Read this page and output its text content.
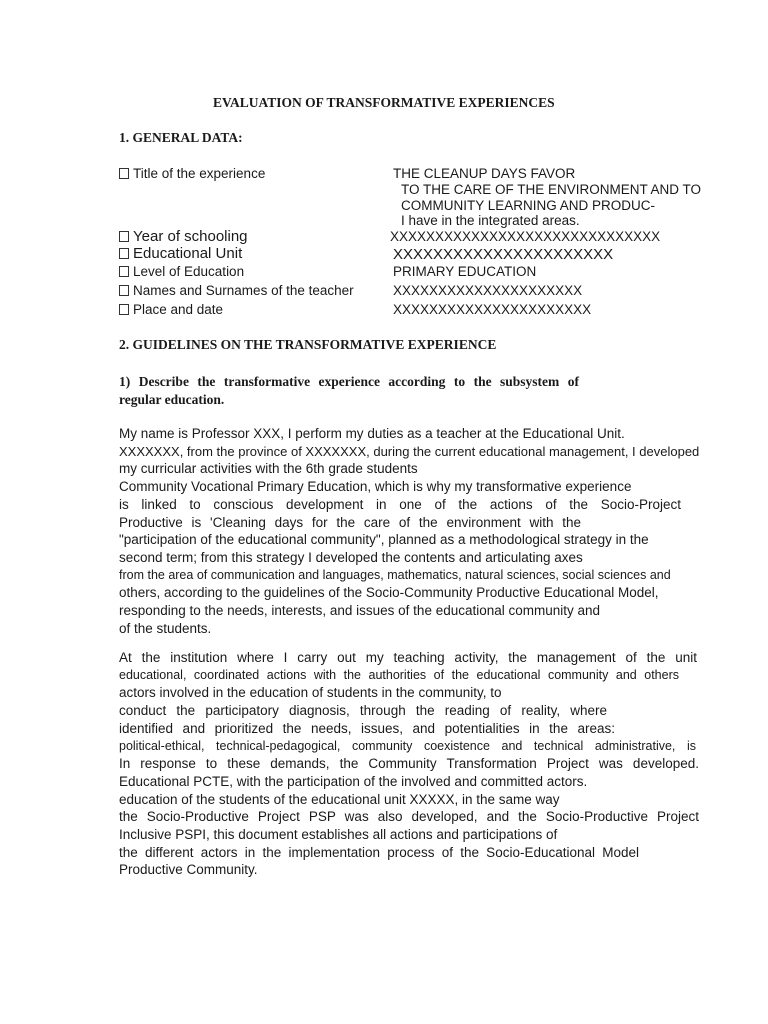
EVALUATION OF TRANSFORMATIVE EXPERIENCES
1. GENERAL DATA:
Title of the experience	THE CLEANUP DAYS FAVOR
TO THE CARE OF THE ENVIRONMENT AND TO
COMMUNITY LEARNING AND PRODUC-
I have in the integrated areas.
Year of schooling	XXXXXXXXXXXXXXXXXXXXXXXXXXXXXX
Educational Unit	XXXXXXXXXXXXXXXXXXXXXX
Level of Education	PRIMARY EDUCATION
Names and Surnames of the teacher	XXXXXXXXXXXXXXXXXXXXX
Place and date	XXXXXXXXXXXXXXXXXXXXXX
2. GUIDELINES ON THE TRANSFORMATIVE EXPERIENCE
1) Describe the transformative experience according to the subsystem of regular education.
My name is Professor XXX, I perform my duties as a teacher at the Educational Unit.
XXXXXXX, from the province of XXXXXXX, during the current educational management, I developed
my curricular activities with the 6th grade students
Community Vocational Primary Education, which is why my transformative experience
is linked to conscious development in one of the actions of the Socio-Project
Productive is 'Cleaning days for the care of the environment with the
"participation of the educational community", planned as a methodological strategy in the
second term; from this strategy I developed the contents and articulating axes
from the area of communication and languages, mathematics, natural sciences, social sciences and
others, according to the guidelines of the Socio-Community Productive Educational Model,
responding to the needs, interests, and issues of the educational community and
of the students.
At the institution where I carry out my teaching activity, the management of the unit
educational, coordinated actions with the authorities of the educational community and others
actors involved in the education of students in the community, to
conduct the participatory diagnosis, through the reading of reality, where
identified and prioritized the needs, issues, and potentialities in the areas:
political-ethical, technical-pedagogical, community coexistence and technical administrative, is
In response to these demands, the Community Transformation Project was developed.
Educational PCTE, with the participation of the involved and committed actors.
education of the students of the educational unit XXXXX, in the same way
the Socio-Productive Project PSP was also developed, and the Socio-Productive Project
Inclusive PSPI, this document establishes all actions and participations of
the different actors in the implementation process of the Socio-Educational Model
Productive Community.
